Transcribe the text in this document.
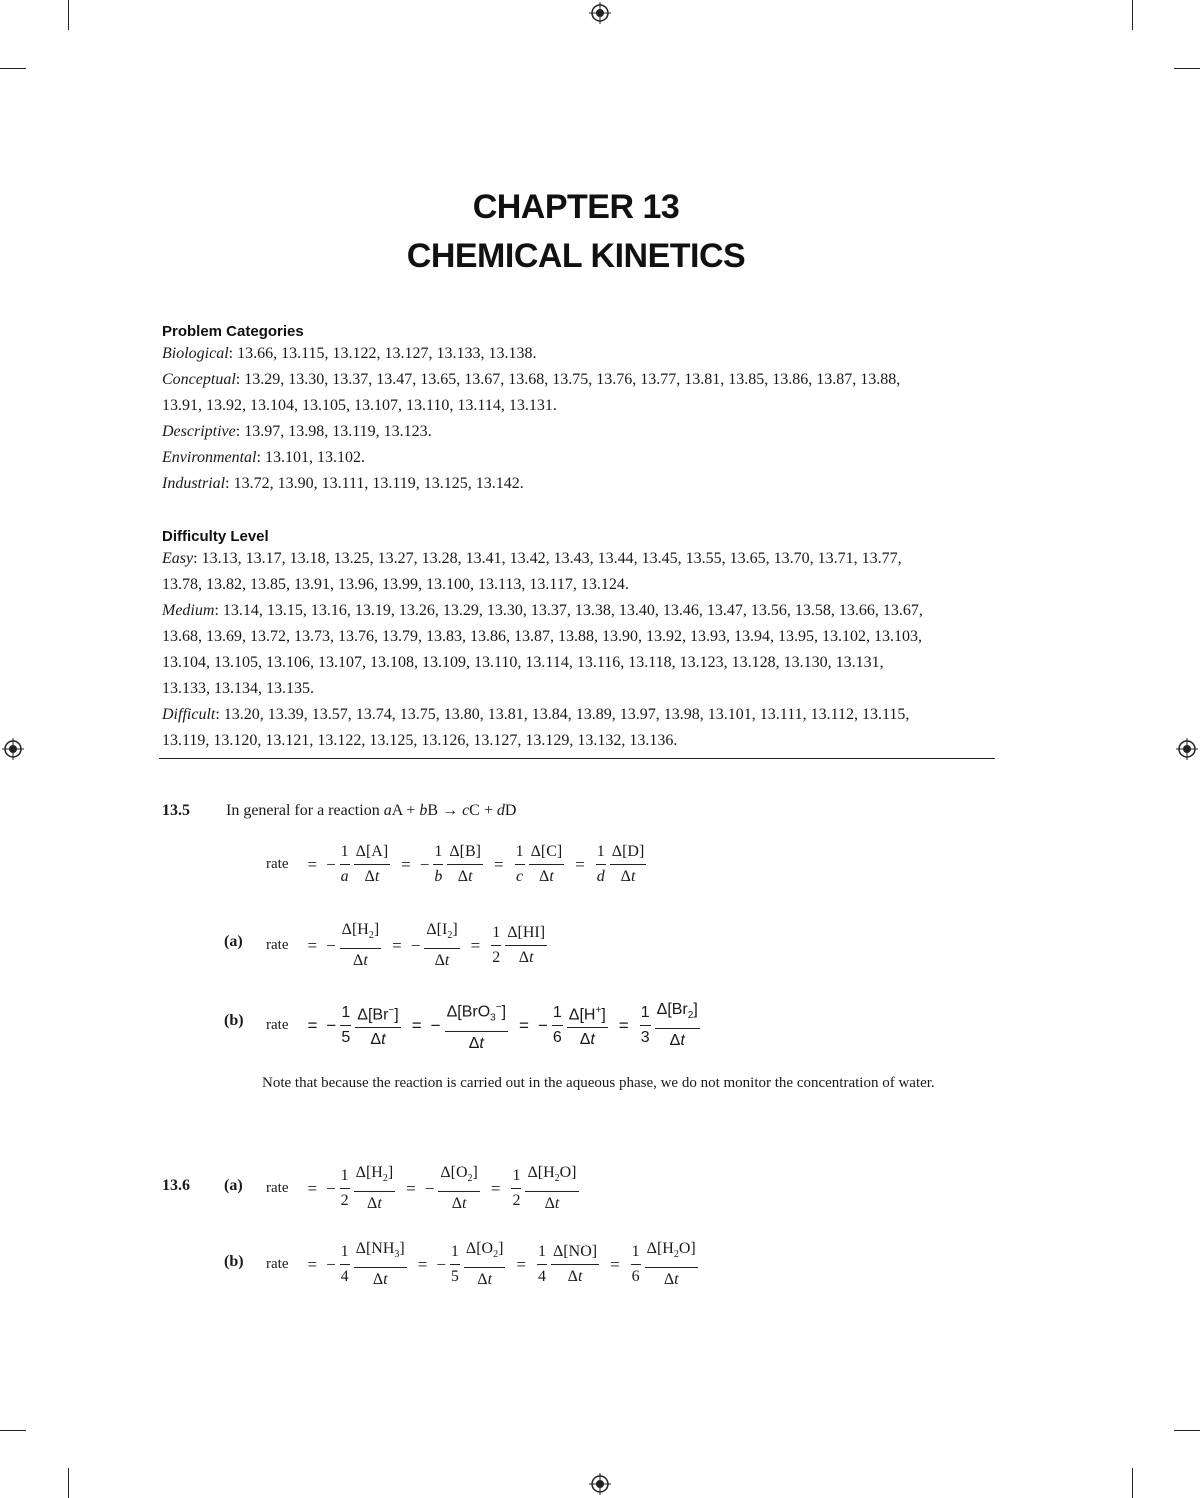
CHAPTER 13
CHEMICAL KINETICS
Problem Categories
Biological: 13.66, 13.115, 13.122, 13.127, 13.133, 13.138.
Conceptual: 13.29, 13.30, 13.37, 13.47, 13.65, 13.67, 13.68, 13.75, 13.76, 13.77, 13.81, 13.85, 13.86, 13.87, 13.88,
13.91, 13.92, 13.104, 13.105, 13.107, 13.110, 13.114, 13.131.
Descriptive: 13.97, 13.98, 13.119, 13.123.
Environmental: 13.101, 13.102.
Industrial: 13.72, 13.90, 13.111, 13.119, 13.125, 13.142.
Difficulty Level
Easy: 13.13, 13.17, 13.18, 13.25, 13.27, 13.28, 13.41, 13.42, 13.43, 13.44, 13.45, 13.55, 13.65, 13.70, 13.71, 13.77,
13.78, 13.82, 13.85, 13.91, 13.96, 13.99, 13.100, 13.113, 13.117, 13.124.
Medium: 13.14, 13.15, 13.16, 13.19, 13.26, 13.29, 13.30, 13.37, 13.38, 13.40, 13.46, 13.47, 13.56, 13.58, 13.66, 13.67,
13.68, 13.69, 13.72, 13.73, 13.76, 13.79, 13.83, 13.86, 13.87, 13.88, 13.90, 13.92, 13.93, 13.94, 13.95, 13.102, 13.103,
13.104, 13.105, 13.106, 13.107, 13.108, 13.109, 13.110, 13.114, 13.116, 13.118, 13.123, 13.128, 13.130, 13.131,
13.133, 13.134, 13.135.
Difficult: 13.20, 13.39, 13.57, 13.74, 13.75, 13.80, 13.81, 13.84, 13.89, 13.97, 13.98, 13.101, 13.111, 13.112, 13.115,
13.119, 13.120, 13.121, 13.122, 13.125, 13.126, 13.127, 13.129, 13.132, 13.136.
13.5 In general for a reaction aA + bB → cC + dD
rate = − $\frac{1}{a} \frac{\Delta[A]}{\Delta t}$ = − $\frac{1}{b} \frac{\Delta[B]}{\Delta t} = \frac{1}{c} \frac{\Delta[C]}{\Delta t} = \frac{1}{d} \frac{\Delta[D]}{\Delta t}$
(a) rate = − $\frac{\Delta[H_2]}{\Delta t}$ = − $\frac{\Delta[I_2]}{\Delta t} = \frac{1}{2} \frac{\Delta[HI]}{\Delta t}$
(b) rate = − $\frac{1}{5} \frac{\Delta[Br^-]}{\Delta t}$ = − $\frac{\Delta[BrO_3^-]}{\Delta t}$ = − $\frac{1}{6} \frac{\Delta[H^+]}{\Delta t} = \frac{1}{3} \frac{\Delta[Br_2]}{\Delta t}$
Note that because the reaction is carried out in the aqueous phase, we do not monitor the concentration of water.
13.6 (a) rate = − $\frac{1}{2} \frac{\Delta[H_2]}{\Delta t}$ = − $\frac{\Delta[O_2]}{\Delta t} = \frac{1}{2} \frac{\Delta[H_2O]}{\Delta t}$
(b) rate = − $\frac{1}{4} \frac{\Delta[NH_3]}{\Delta t}$ = − $\frac{1}{5} \frac{\Delta[O_2]}{\Delta t} = \frac{1}{4} \frac{\Delta[NO]}{\Delta t} = \frac{1}{6} \frac{\Delta[H_2O]}{\Delta t}$
